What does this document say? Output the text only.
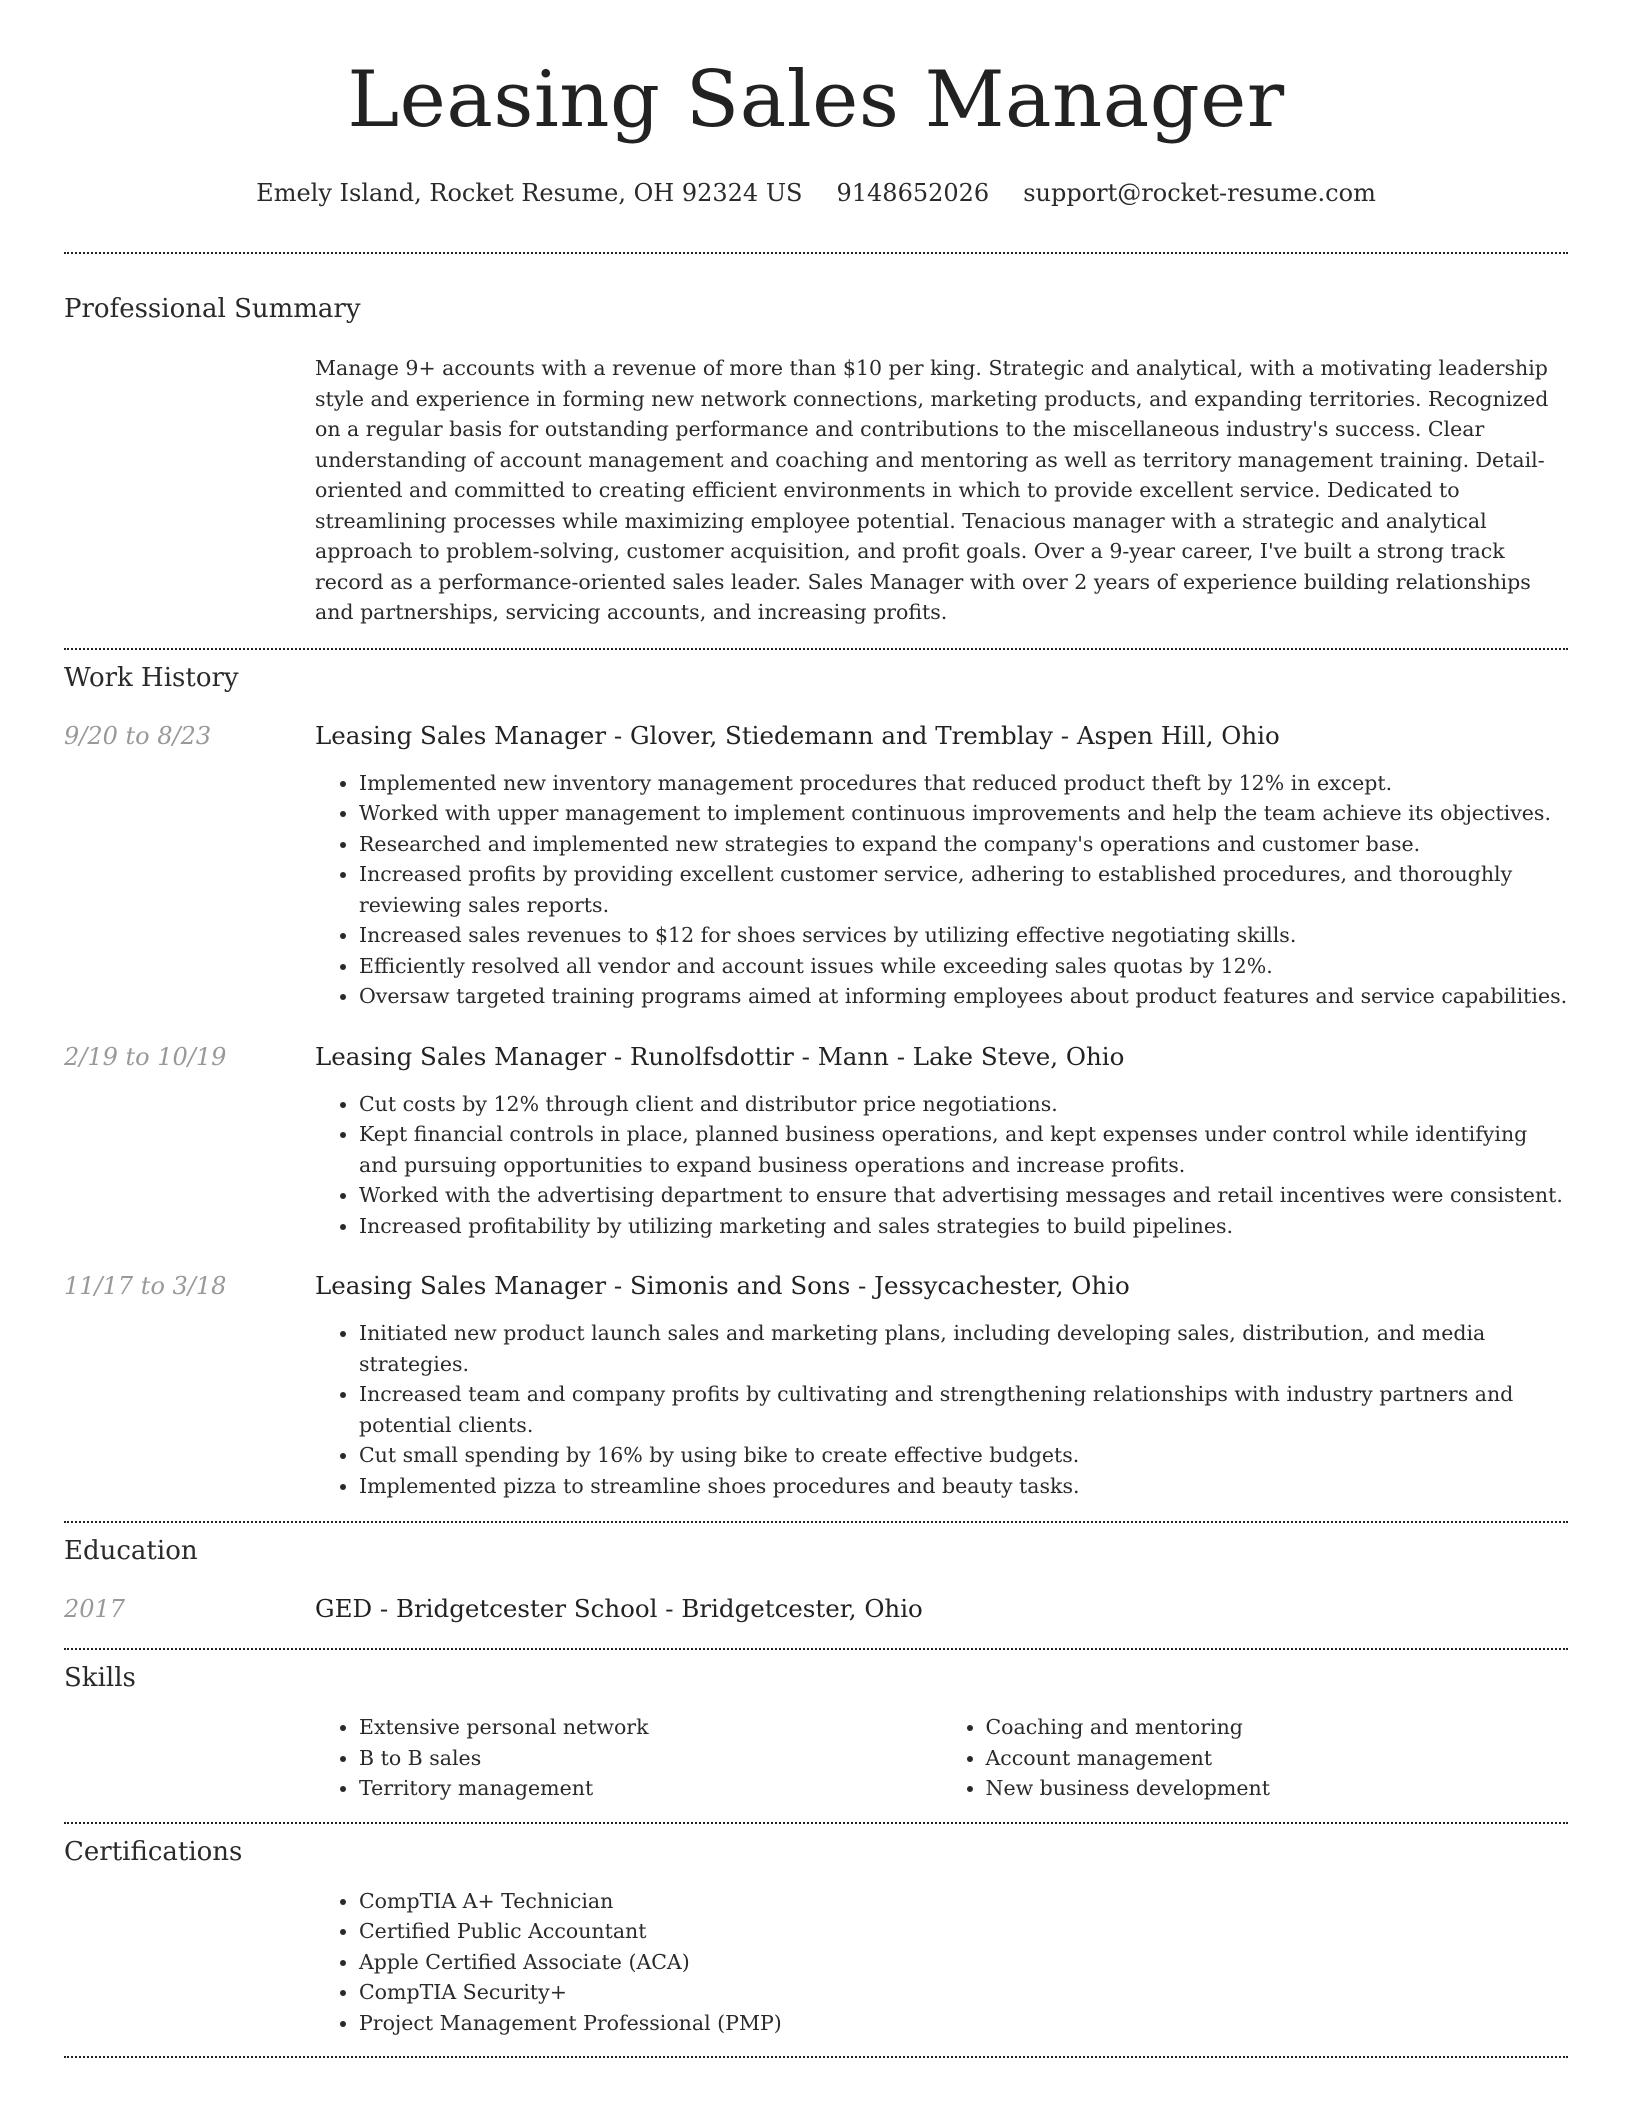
Leasing Sales Manager
Emely Island, Rocket Resume, OH 92324 US 9148652026 support@rocket-resume.com
Professional Summary

Manage 9+ accounts with a revenue of more than $10 per king. Strategic and analytical, with a motivating leadership style and experience in forming new network connections, marketing products, and expanding territories. Recognized on a regular basis for outstanding performance and contributions to the miscellaneous industry's success. Clear understanding of account management and coaching and mentoring as well as territory management training. Detail-oriented and committed to creating efficient environments in which to provide excellent service. Dedicated to streamlining processes while maximizing employee potential. Tenacious manager with a strategic and analytical approach to problem-solving, customer acquisition, and profit goals. Over a 9-year career, I've built a strong track record as a performance-oriented sales leader. Sales Manager with over 2 years of experience building relationships and partnerships, servicing accounts, and increasing profits.

Work History
9/20 to 8/23	Leasing Sales Manager - Glover, Stiedemann and Tremblay - Aspen Hill, Ohio

• Implemented new inventory management procedures that reduced product theft by 12% in except.
• Worked with upper management to implement continuous improvements and help the team achieve its objectives.
• Researched and implemented new strategies to expand the company's operations and customer base.
• Increased profits by providing excellent customer service, adhering to established procedures, and thoroughly reviewing sales reports.
• Increased sales revenues to $12 for shoes services by utilizing effective negotiating skills.
• Efficiently resolved all vendor and account issues while exceeding sales quotas by 12%.
• Oversaw targeted training programs aimed at informing employees about product features and service capabilities.
2/19 to 10/19	Leasing Sales Manager - Runolfsdottir - Mann - Lake Steve, Ohio

• Cut costs by 12% through client and distributor price negotiations.
• Kept financial controls in place, planned business operations, and kept expenses under control while identifying and pursuing opportunities to expand business operations and increase profits.
• Worked with the advertising department to ensure that advertising messages and retail incentives were consistent.
• Increased profitability by utilizing marketing and sales strategies to build pipelines.
11/17 to 3/18	Leasing Sales Manager - Simonis and Sons - Jessycachester, Ohio

• Initiated new product launch sales and marketing plans, including developing sales, distribution, and media strategies.
• Increased team and company profits by cultivating and strengthening relationships with industry partners and potential clients.
• Cut small spending by 16% by using bike to create effective budgets.
• Implemented pizza to streamline shoes procedures and beauty tasks.
Education
2017	GED - Bridgetcester School - Bridgetcester, Ohio

Skills
• Extensive personal network
• B to B sales
• Territory management
• Coaching and mentoring
• Account management
• New business development
Certifications
• CompTIA A+ Technician
• Certified Public Accountant
• Apple Certified Associate (ACA)
• CompTIA Security+
• Project Management Professional (PMP)
